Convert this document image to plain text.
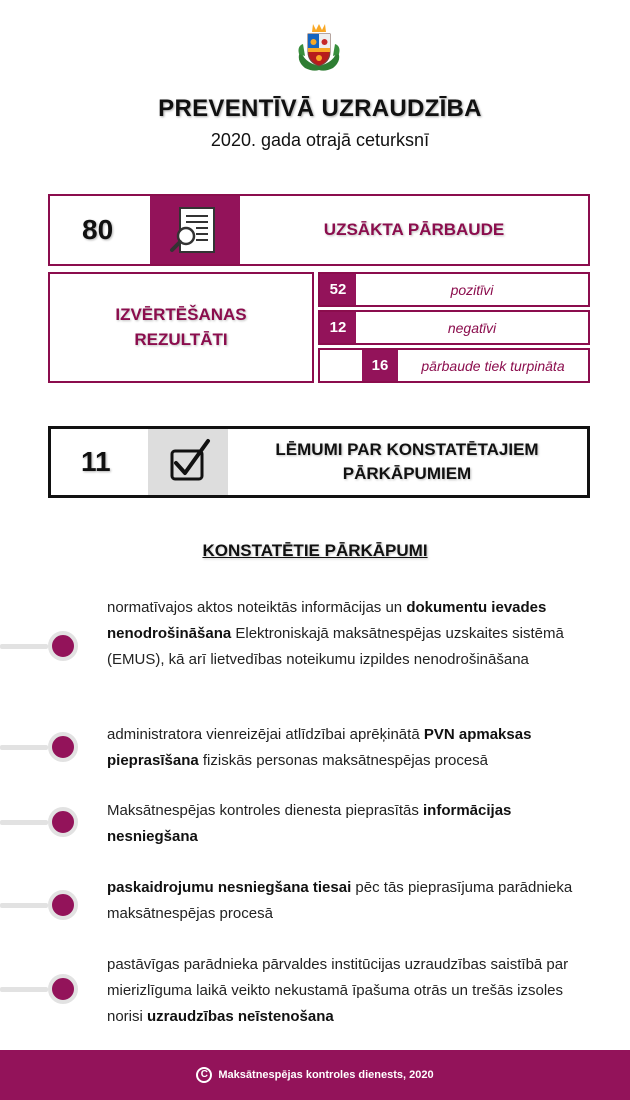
PREVENTĪVĀ UZRAUDZĪBA
2020. gada otrajā ceturksnī
80	UZSĀKTA PĀRBAUDE
IZVĒRTĒŠANAS
REZULTĀTI
52	pozitīvi
12	negatīvi
16	pārbaude tiek turpināta
11	LĒMUMI PAR KONSTATĒTAJIEM
PĀRKĀPUMIEM
KONSTATĒTIE PĀRKĀPUMI
normatīvajos aktos noteiktās informācijas un dokumentu ievades nenodrošināšana Elektroniskajā maksātnespējas uzskaites sistēmā (EMUS), kā arī lietvedības noteikumu izpildes nenodrošināšana
administratora vienreizējai atlīdzībai aprēķinātā PVN apmaksas pieprasīšana fiziskās personas maksātnespējas procesā
Maksātnespējas kontroles dienesta pieprasītās informācijas nesniegšana
paskaidrojumu nesniegšana tiesai pēc tās pieprasījuma parādnieka maksātnespējas procesā
pastāvīgas parādnieka pārvaldes institūcijas uzraudzības saistībā par mierizlīguma laikā veikto nekustamā īpašuma otrās un trešās izsoles norisi uzraudzības neīstenošana
C Maksātnespējas kontroles dienests, 2020
